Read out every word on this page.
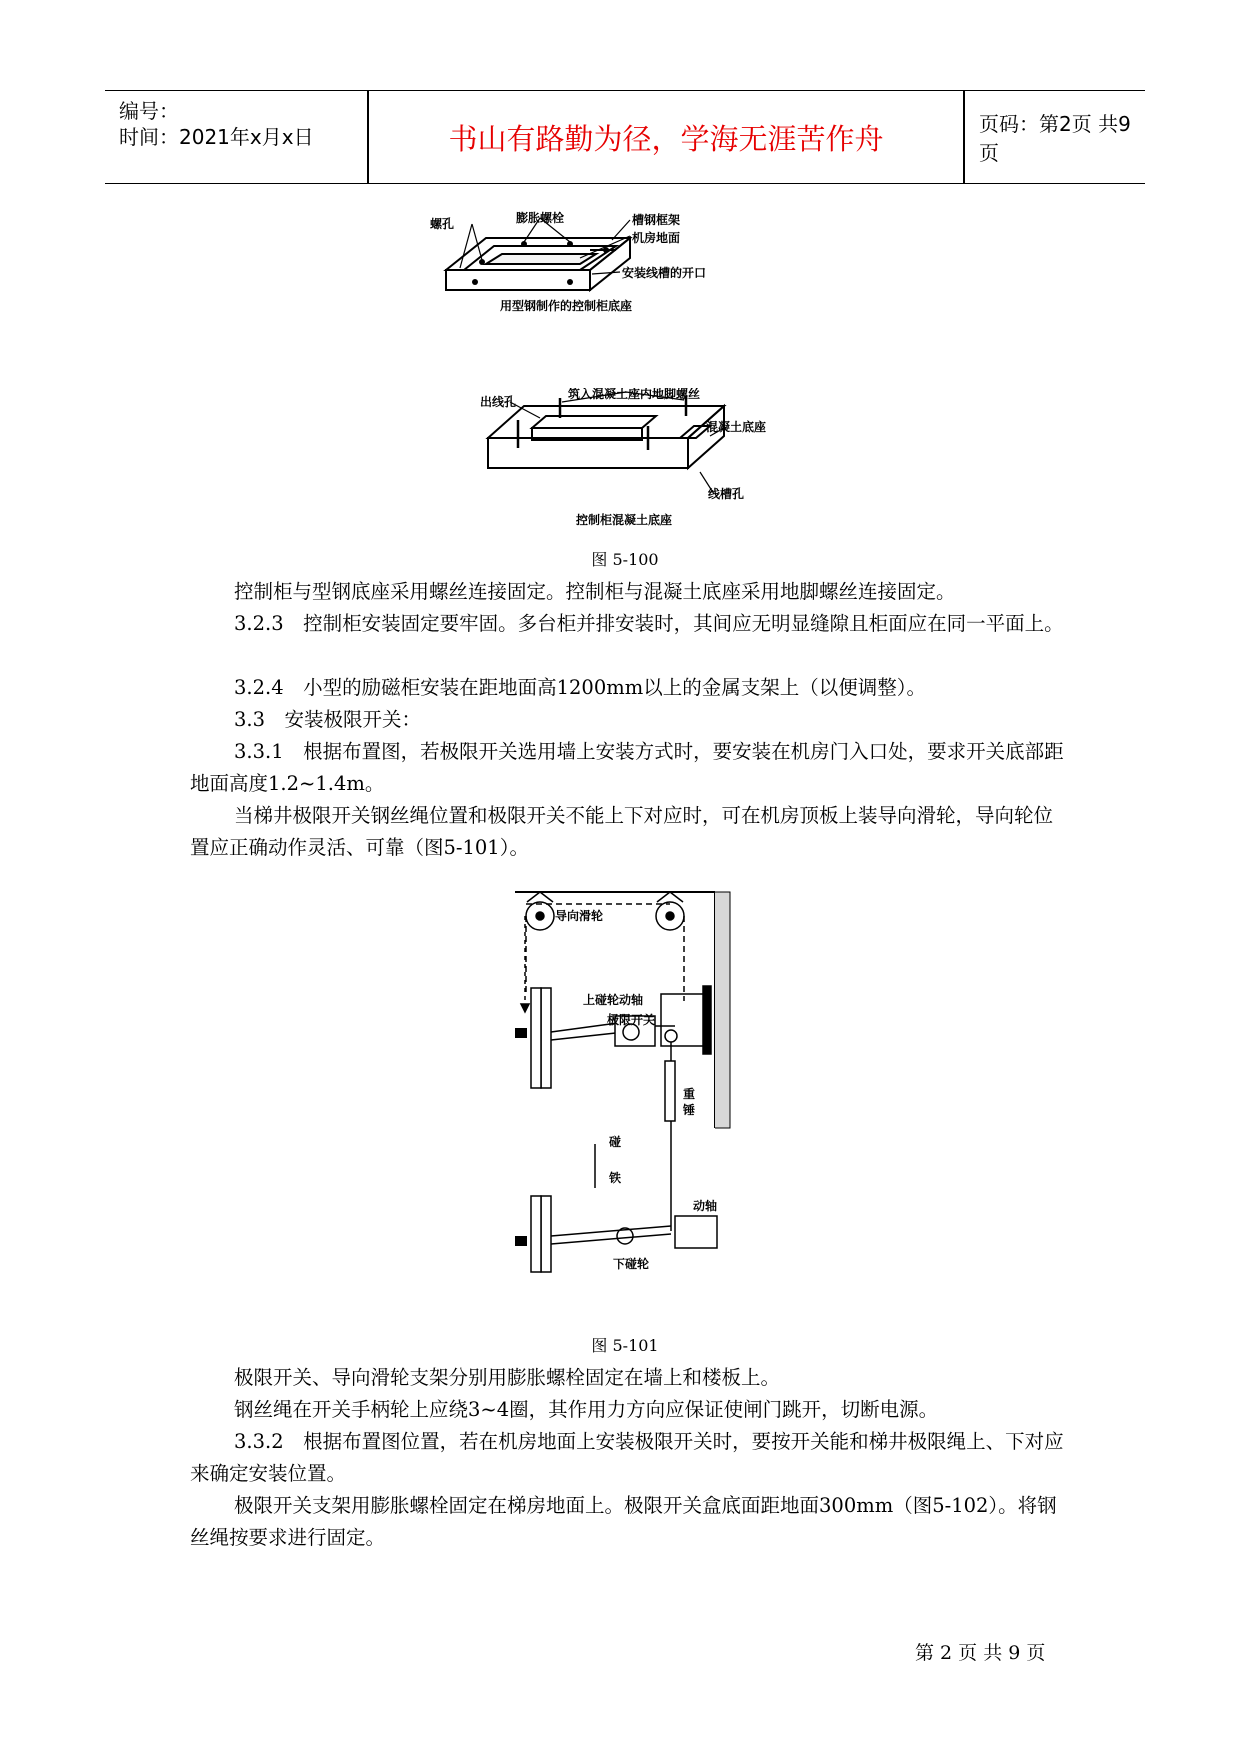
编号：
时间：2021年x月x日	书山有路勤为径，学海无涯苦作舟	页码：第2页 共9页
螺孔	膨胀螺栓	槽钢框架
机房地面
安装线槽的开口
用型钢制作的控制柜底座
出线孔
筑入混凝土座内地脚螺丝
混凝土底座
线槽孔
控制柜混凝土底座
图 5-100
控制柜与型钢底座采用螺丝连接固定。控制柜与混凝土底座采用地脚螺丝连接固定。
3.2.3　控制柜安装固定要牢固。多台柜并排安装时，其间应无明显缝隙且柜面应在同一平面上。
3.2.4　小型的励磁柜安装在距地面高1200mm以上的金属支架上（以便调整）。
3.3　安装极限开关：
3.3.1　根据布置图，若极限开关选用墙上安装方式时，要安装在机房门入口处，要求开关底部距地面高度1.2~1.4m。
当梯井极限开关钢丝绳位置和极限开关不能上下对应时，可在机房顶板上装导向滑轮，导向轮位置应正确动作灵活、可靠（图5-101）。
导向滑轮
极限开关
上碰轮动轴
重
锤
碰
铁
动轴
下碰轮
图 5-101
极限开关、导向滑轮支架分别用膨胀螺栓固定在墙上和楼板上。
钢丝绳在开关手柄轮上应绕3~4圈，其作用力方向应保证使闸门跳开，切断电源。
3.3.2　根据布置图位置，若在机房地面上安装极限开关时，要按开关能和梯井极限绳上、下对应来确定安装位置。
极限开关支架用膨胀螺栓固定在梯房地面上。极限开关盒底面距地面300mm（图5-102）。将钢丝绳按要求进行固定。
第 2 页 共 9 页
